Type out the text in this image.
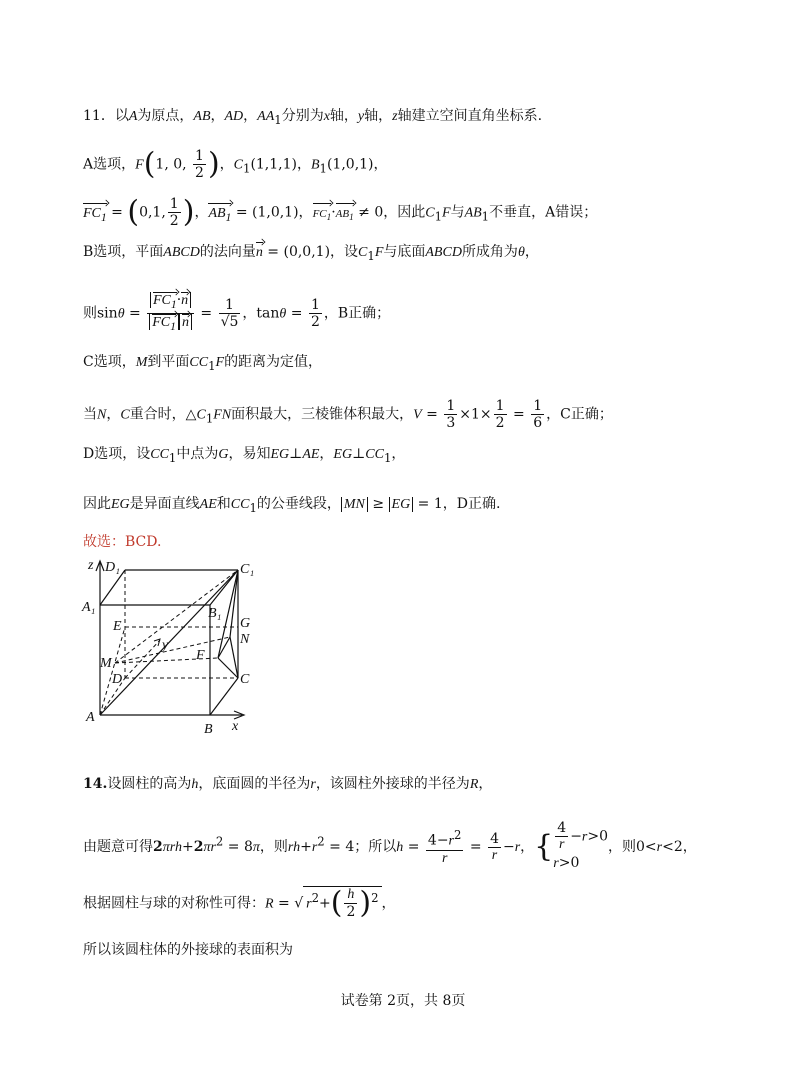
11．以A为原点，AB，AD，$AA_1$分别为x轴，y轴，z轴建立空间直角坐标系.
A选项，F(1, 0, $\frac{1}{2}$ )，$C_1(1,1,1)$，$B_1(1,0,1)$，
$FC_1 = (0,1$, $\frac{1}{2}$ )，$AB_1 = (1,0,1)$，$FC_1\cdot AB_1 \ne 0$，因此$C_1F$与$AB_1$不垂直，A错误；
B选项，平面ABCD的法向量n = (0,0,1)，设$C_1F$与底面ABCD所成角为θ，
则$\sin\theta = \frac{FC_1\cdot n}{FC_1 n} = \frac{1}{√5}$ ，$\tan\theta = \frac{1}{2}$ ，B正确；
C选项，M到平面$CC_1F$的距离为定值，
当N，C重合时，$\triangle C_1FN$面积最大，三棱锥体积最大，$V = \frac{1}{3} \times 1\times \frac{1}{2} = \frac{1}{6}$ ，C正确；
D选项，设$CC_1$中点为G，易知EG⊥AE，$EG\perp CC_1$，
因此EG是异面直线AE和$CC_1$的公垂线段， MN ≥ EG = 1，D正确.
故选：BCD.
z D₁	C₁
A₁	B₁
E	G
N
y
F
M
D	C
A
B x
14.设圆柱的高为h，底面圆的半径为r，该圆柱外接球的半径为R，
由题意可得$2\pi rh+2\pi r^2 = 8\pi$，则$rh+r^2 = 4$；所以$h = \frac{4-r^2}{r} = \frac{4}{r} -r$，{ $\frac{4}{r} -r>0$
r>0
，则0<r<2，
根据圆柱与球的对称性可得：R = √ $r^2+( \frac{h}{2} )^2$ ，
所以该圆柱体的外接球的表面积为
试卷第 2页，共 8页
